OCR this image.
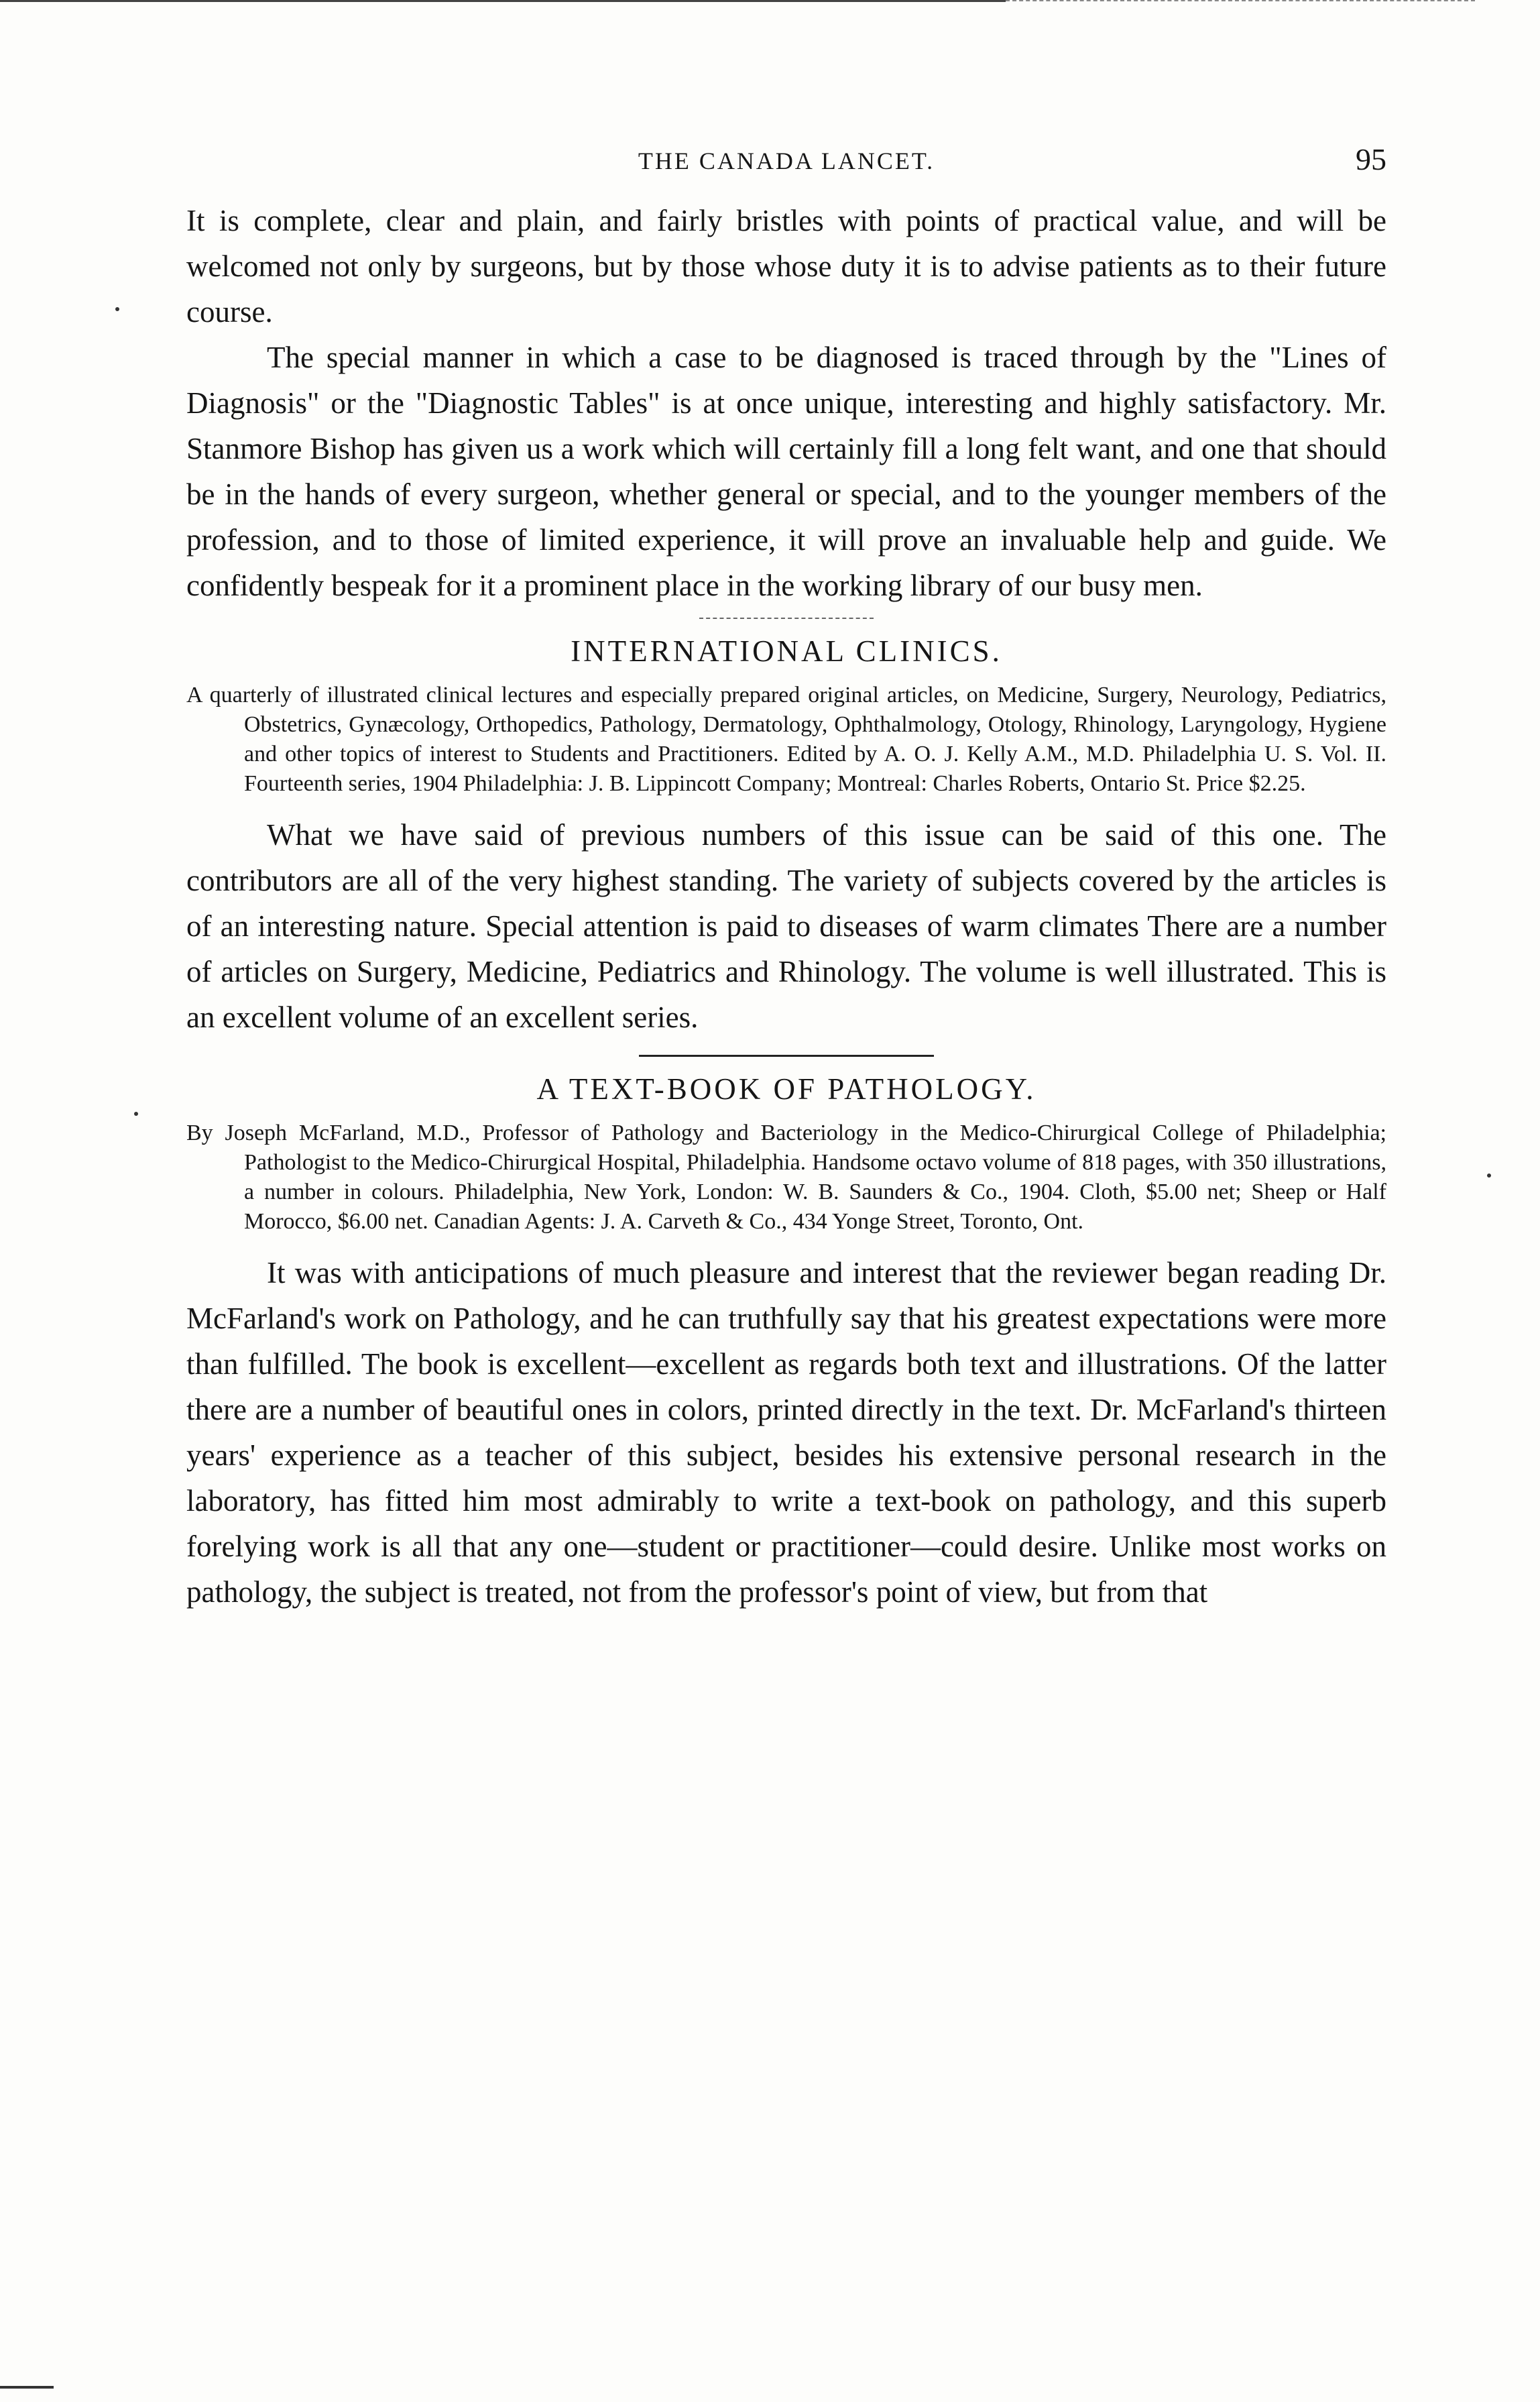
THE CANADA LANCET.	95

It is complete, clear and plain, and fairly bristles with points of practical value, and will be welcomed not only by surgeons, but by those whose duty it is to advise patients as to their future course.

The special manner in which a case to be diagnosed is traced through by the "Lines of Diagnosis" or the "Diagnostic Tables" is at once unique, interesting and highly satisfactory. Mr. Stanmore Bishop has given us a work which will certainly fill a long felt want, and one that should be in the hands of every surgeon, whether general or special, and to the younger members of the profession, and to those of limited experience, it will prove an invaluable help and guide. We confidently bespeak for it a prominent place in the working library of our busy men.

INTERNATIONAL CLINICS.

A quarterly of illustrated clinical lectures and especially prepared original articles, on Medicine, Surgery, Neurology, Pediatrics, Obstetrics, Gynæcology, Orthopedics, Pathology, Dermatology, Ophthalmology, Otology, Rhinology, Laryngology, Hygiene and other topics of interest to Students and Practitioners. Edited by A. O. J. Kelly A.M., M.D. Philadelphia U. S. Vol. II. Fourteenth series, 1904 Philadelphia: J. B. Lippincott Company; Montreal: Charles Roberts, Ontario St. Price $2.25.

What we have said of previous numbers of this issue can be said of this one. The contributors are all of the very highest standing. The variety of subjects covered by the articles is of an interesting nature. Special attention is paid to diseases of warm climates There are a number of articles on Surgery, Medicine, Pediatrics and Rhinology. The volume is well illustrated. This is an excellent volume of an excellent series.

A TEXT-BOOK OF PATHOLOGY.

By Joseph McFarland, M.D., Professor of Pathology and Bacteriology in the Medico-Chirurgical College of Philadelphia; Pathologist to the Medico-Chirurgical Hospital, Philadelphia. Handsome octavo volume of 818 pages, with 350 illustrations, a number in colours. Philadelphia, New York, London: W. B. Saunders & Co., 1904. Cloth, $5.00 net; Sheep or Half Morocco, $6.00 net. Canadian Agents: J. A. Carveth & Co., 434 Yonge Street, Toronto, Ont.

It was with anticipations of much pleasure and interest that the reviewer began reading Dr. McFarland's work on Pathology, and he can truthfully say that his greatest expectations were more than fulfilled. The book is excellent—excellent as regards both text and illustrations. Of the latter there are a number of beautiful ones in colors, printed directly in the text. Dr. McFarland's thirteen years' experience as a teacher of this subject, besides his extensive personal research in the laboratory, has fitted him most admirably to write a text-book on pathology, and this superb forelying work is all that any one—student or practitioner—could desire. Unlike most works on pathology, the subject is treated, not from the professor's point of view, but from that
